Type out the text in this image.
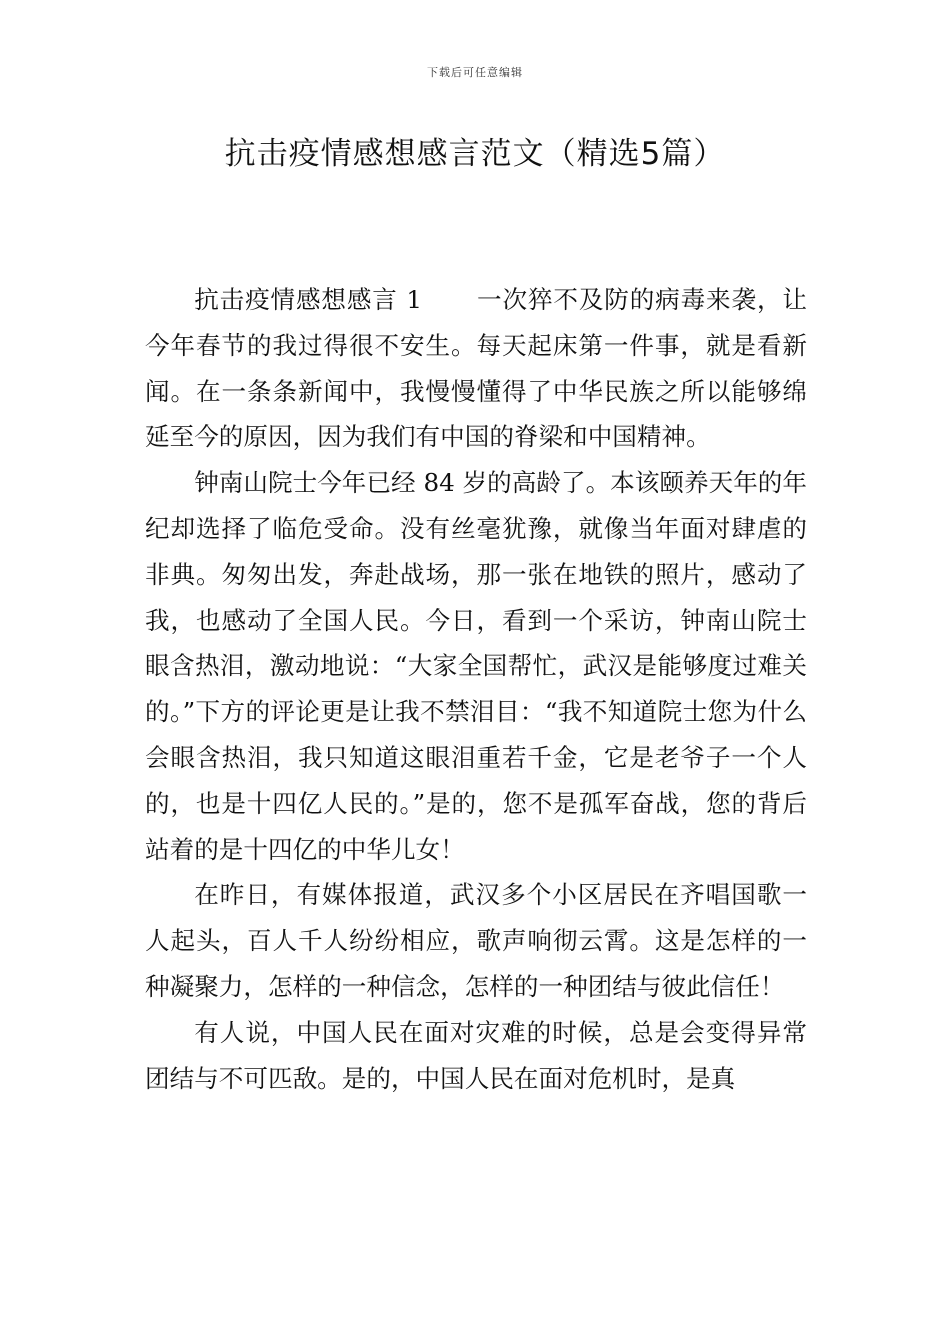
下载后可任意编辑
抗击疫情感想感言范文（精选5篇）

抗击疫情感想感言 1 一次猝不及防的病毒来袭，让今年春节的我过得很不安生。每天起床第一件事，就是看新闻。在一条条新闻中，我慢慢懂得了中华民族之所以能够绵延至今的原因，因为我们有中国的脊梁和中国精神。

钟南山院士今年已经 84 岁的高龄了。本该颐养天年的年纪却选择了临危受命。没有丝毫犹豫，就像当年面对肆虐的非典。匆匆出发，奔赴战场，那一张在地铁的照片，感动了我，也感动了全国人民。今日，看到一个采访，钟南山院士眼含热泪，激动地说：“大家全国帮忙，武汉是能够度过难关的。”下方的评论更是让我不禁泪目：“我不知道院士您为什么会眼含热泪，我只知道这眼泪重若千金，它是老爷子一个人的，也是十四亿人民的。”是的，您不是孤军奋战，您的背后站着的是十四亿的中华儿女！

在昨日，有媒体报道，武汉多个小区居民在齐唱国歌一人起头，百人千人纷纷相应，歌声响彻云霄。这是怎样的一种凝聚力，怎样的一种信念，怎样的一种团结与彼此信任！

有人说，中国人民在面对灾难的时候，总是会变得异常团结与不可匹敌。是的，中国人民在面对危机时，是真
